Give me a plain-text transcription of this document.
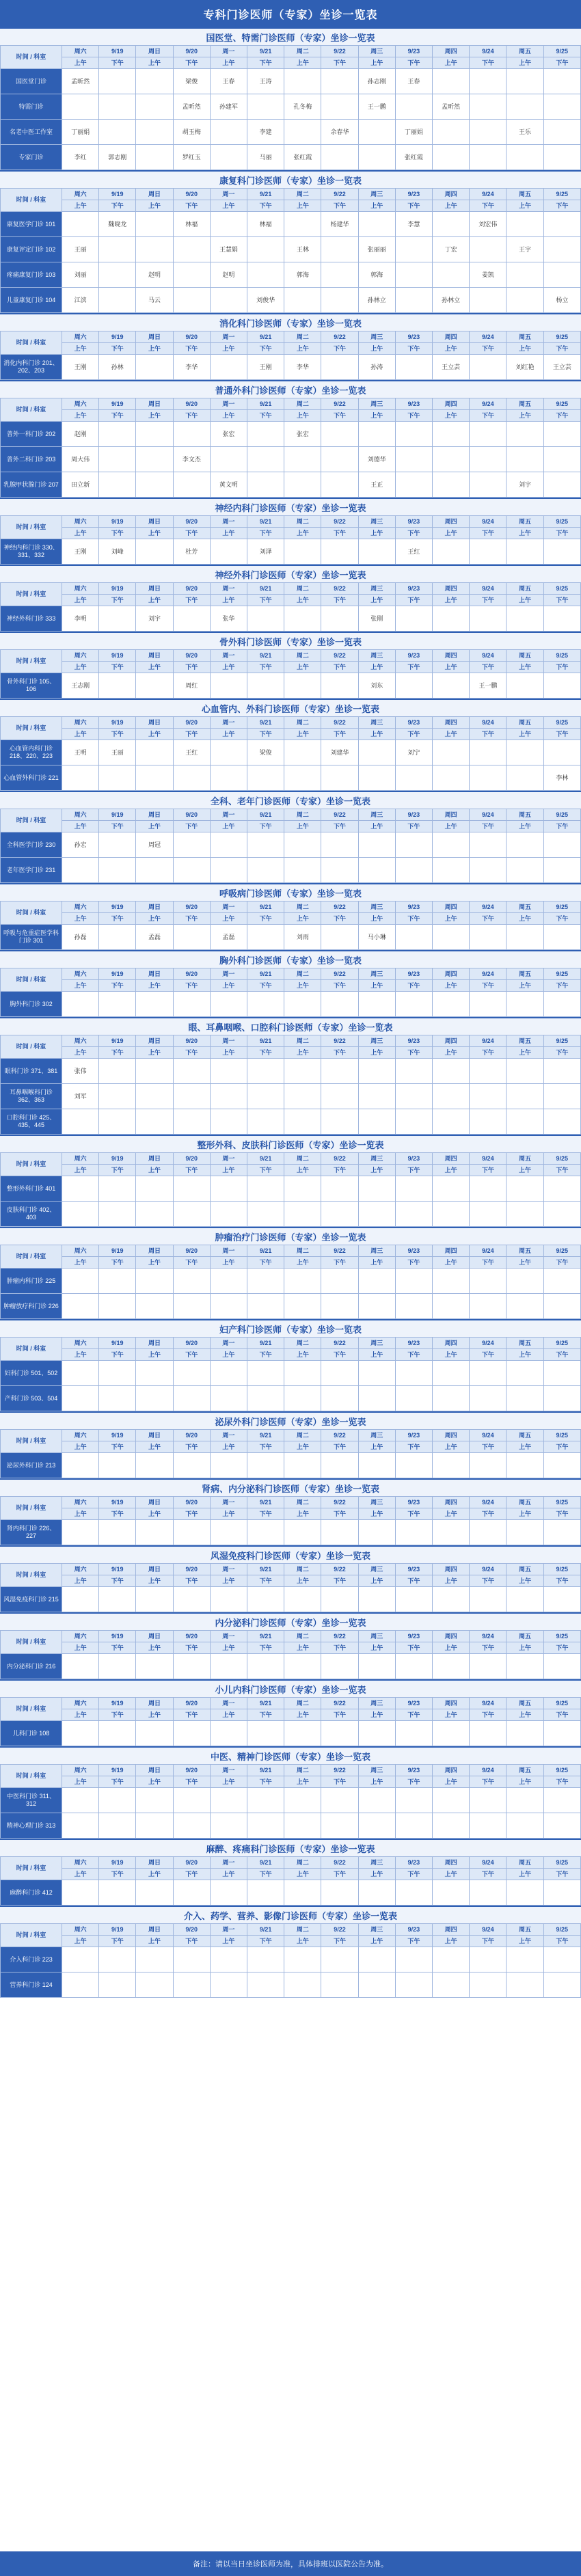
专科门诊医师（专家）坐诊一览表
国医堂、特需门诊医师（专家）坐诊一览表
时间 / 科室	周六	9/19	周日	9/20	周一	9/21	周二	9/22	周三	9/23	周四	9/24	周五	9/25
	上午	下午	上午	下午	上午	下午	上午	下午	上午	下午	上午	下午	上午	下午
国医堂门诊	孟昕然			梁俊	王春	王涛			孙志刚	王春				
特需门诊				孟昕然	孙建军		孔冬梅		王一鹏		孟昕然			
名老中医工作室	丁丽娟			胡玉梅		李建		余春华		丁丽娟			王乐	
专家门诊	李红	郭志刚		罗红玉		马丽	张红霞			张红霞				
康复科门诊医师（专家）坐诊一览表
时间 / 科室	周六	9/19	周日	9/20	周一	9/21	周二	9/22	周三	9/23	周四	9/24	周五	9/25
	上午	下午	上午	下午	上午	下午	上午	下午	上午	下午	上午	下午	上午	下午
康复医学门诊 101		魏晓龙		林福		林福		杨建华		李慧		刘宏伟		
康复评定门诊 102	王丽				王慧娟		王林		张丽丽		丁宏		王宇	
疼痛康复门诊 103	刘丽		赵明		赵明		郭海		郭海			姜凯		
儿童康复门诊 104	江滨		马云			刘俊华			孙林立		孙林立			杨立
消化科门诊医师（专家）坐诊一览表
时间 / 科室	周六	9/19	周日	9/20	周一	9/21	周二	9/22	周三	9/23	周四	9/24	周五	9/25
	上午	下午	上午	下午	上午	下午	上午	下午	上午	下午	上午	下午	上午	下午
消化内科门诊 201、202、203	王刚	孙林		李华		王刚	李华		孙涛		王立芸		刘红艳	王立芸
普通外科门诊医师（专家）坐诊一览表
时间 / 科室	周六	9/19	周日	9/20	周一	9/21	周二	9/22	周三	9/23	周四	9/24	周五	9/25
	上午	下午	上午	下午	上午	下午	上午	下午	上午	下午	上午	下午	上午	下午
普外一科门诊 202	赵刚				张宏		张宏							
普外二科门诊 203	周大伟			李文杰					刘德华					
乳腺甲状腺门诊 207	田立新				黄文明				王正				刘宇	
神经内科门诊医师（专家）坐诊一览表
时间 / 科室	周六	9/19	周日	9/20	周一	9/21	周二	9/22	周三	9/23	周四	9/24	周五	9/25
	上午	下午	上午	下午	上午	下午	上午	下午	上午	下午	上午	下午	上午	下午
神经内科门诊 330、331、332	王刚	刘峰		杜芳		刘泽				王红				
神经外科门诊医师（专家）坐诊一览表
时间 / 科室	周六	9/19	周日	9/20	周一	9/21	周二	9/22	周三	9/23	周四	9/24	周五	9/25
	上午	下午	上午	下午	上午	下午	上午	下午	上午	下午	上午	下午	上午	下午
神经外科门诊 333	李明		刘宇		张华				张刚					
骨外科门诊医师（专家）坐诊一览表
时间 / 科室	周六	9/19	周日	9/20	周一	9/21	周二	9/22	周三	9/23	周四	9/24	周五	9/25
	上午	下午	上午	下午	上午	下午	上午	下午	上午	下午	上午	下午	上午	下午
骨外科门诊 105、106	王志刚			周红					刘东			王一鹏		
心血管内、外科门诊医师（专家）坐诊一览表
时间 / 科室	周六	9/19	周日	9/20	周一	9/21	周二	9/22	周三	9/23	周四	9/24	周五	9/25
	上午	下午	上午	下午	上午	下午	上午	下午	上午	下午	上午	下午	上午	下午
心血管内科门诊 218、220、223	王明	王丽		王红		梁俊		刘建华		刘宁				
心血管外科门诊 221														李林
全科、老年门诊医师（专家）坐诊一览表
时间 / 科室	周六	9/19	周日	9/20	周一	9/21	周二	9/22	周三	9/23	周四	9/24	周五	9/25
	上午	下午	上午	下午	上午	下午	上午	下午	上午	下午	上午	下午	上午	下午
全科医学门诊 230	孙宏		周冠											
老年医学门诊 231														
呼吸病门诊医师（专家）坐诊一览表
时间 / 科室	周六	9/19	周日	9/20	周一	9/21	周二	9/22	周三	9/23	周四	9/24	周五	9/25
	上午	下午	上午	下午	上午	下午	上午	下午	上午	下午	上午	下午	上午	下午
呼吸与危重症医学科门诊 301	孙磊		孟磊		孟磊		刘雨		马小琳					
胸外科门诊医师（专家）坐诊一览表
时间 / 科室	周六	9/19	周日	9/20	周一	9/21	周二	9/22	周三	9/23	周四	9/24	周五	9/25
	上午	下午	上午	下午	上午	下午	上午	下午	上午	下午	上午	下午	上午	下午
胸外科门诊 302														
眼、耳鼻咽喉、口腔科门诊医师（专家）坐诊一览表
时间 / 科室	周六	9/19	周日	9/20	周一	9/21	周二	9/22	周三	9/23	周四	9/24	周五	9/25
	上午	下午	上午	下午	上午	下午	上午	下午	上午	下午	上午	下午	上午	下午
眼科门诊 371、381	张伟													
耳鼻咽喉科门诊 362、363	刘军													
口腔科门诊 425、435、445														
整形外科、皮肤科门诊医师（专家）坐诊一览表
时间 / 科室	周六	9/19	周日	9/20	周一	9/21	周二	9/22	周三	9/23	周四	9/24	周五	9/25
	上午	下午	上午	下午	上午	下午	上午	下午	上午	下午	上午	下午	上午	下午
整形外科门诊 401														
皮肤科门诊 402、403														
肿瘤治疗门诊医师（专家）坐诊一览表
时间 / 科室	周六	9/19	周日	9/20	周一	9/21	周二	9/22	周三	9/23	周四	9/24	周五	9/25
	上午	下午	上午	下午	上午	下午	上午	下午	上午	下午	上午	下午	上午	下午
肿瘤内科门诊 225														
肿瘤放疗科门诊 226														
妇产科门诊医师（专家）坐诊一览表
时间 / 科室	周六	9/19	周日	9/20	周一	9/21	周二	9/22	周三	9/23	周四	9/24	周五	9/25
	上午	下午	上午	下午	上午	下午	上午	下午	上午	下午	上午	下午	上午	下午
妇科门诊 501、502														
产科门诊 503、504														
泌尿外科门诊医师（专家）坐诊一览表
时间 / 科室	周六	9/19	周日	9/20	周一	9/21	周二	9/22	周三	9/23	周四	9/24	周五	9/25
	上午	下午	上午	下午	上午	下午	上午	下午	上午	下午	上午	下午	上午	下午
泌尿外科门诊 213														
肾病、内分泌科门诊医师（专家）坐诊一览表
时间 / 科室	周六	9/19	周日	9/20	周一	9/21	周二	9/22	周三	9/23	周四	9/24	周五	9/25
	上午	下午	上午	下午	上午	下午	上午	下午	上午	下午	上午	下午	上午	下午
肾内科门诊 226、227														
风湿免疫科门诊医师（专家）坐诊一览表
时间 / 科室	周六	9/19	周日	9/20	周一	9/21	周二	9/22	周三	9/23	周四	9/24	周五	9/25
	上午	下午	上午	下午	上午	下午	上午	下午	上午	下午	上午	下午	上午	下午
风湿免疫科门诊 215														
内分泌科门诊医师（专家）坐诊一览表
时间 / 科室	周六	9/19	周日	9/20	周一	9/21	周二	9/22	周三	9/23	周四	9/24	周五	9/25
	上午	下午	上午	下午	上午	下午	上午	下午	上午	下午	上午	下午	上午	下午
内分泌科门诊 216														
小儿内科门诊医师（专家）坐诊一览表
时间 / 科室	周六	9/19	周日	9/20	周一	9/21	周二	9/22	周三	9/23	周四	9/24	周五	9/25
	上午	下午	上午	下午	上午	下午	上午	下午	上午	下午	上午	下午	上午	下午
儿科门诊 108														
中医、精神门诊医师（专家）坐诊一览表
时间 / 科室	周六	9/19	周日	9/20	周一	9/21	周二	9/22	周三	9/23	周四	9/24	周五	9/25
	上午	下午	上午	下午	上午	下午	上午	下午	上午	下午	上午	下午	上午	下午
中医科门诊 311、312														
精神心理门诊 313														
麻醉、疼痛科门诊医师（专家）坐诊一览表
时间 / 科室	周六	9/19	周日	9/20	周一	9/21	周二	9/22	周三	9/23	周四	9/24	周五	9/25
	上午	下午	上午	下午	上午	下午	上午	下午	上午	下午	上午	下午	上午	下午
麻醉科门诊 412														
介入、药学、营养、影像门诊医师（专家）坐诊一览表
时间 / 科室	周六	9/19	周日	9/20	周一	9/21	周二	9/22	周三	9/23	周四	9/24	周五	9/25
	上午	下午	上午	下午	上午	下午	上午	下午	上午	下午	上午	下午	上午	下午
介入科门诊 223														
营养科门诊 124														
备注：请以当日坐诊医师为准，具体排班以医院公告为准。
